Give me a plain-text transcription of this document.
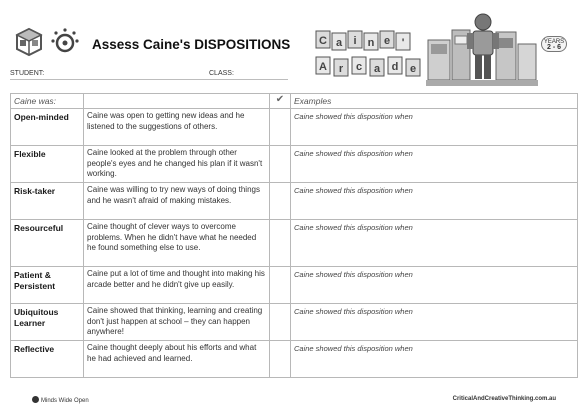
Assess Caine's DISPOSITIONS
STUDENT:	CLASS:
C a i n e '
A r c a d e
YEARS
2 - 6
Caine was:		✔	Examples
Open-minded	Caine was open to getting new ideas and he listened to the suggestions of others.		Caine showed this disposition when
Flexible	Caine looked at the problem through other people's eyes and he changed his plan if it wasn't working.		Caine showed this disposition when
Risk-taker	Caine was willing to try new ways of doing things and he wasn't afraid of making mistakes.		Caine showed this disposition when
Resourceful	Caine thought of clever ways to overcome problems. When he didn't have what he needed he found something else to use.		Caine showed this disposition when
Patient & Persistent	Caine put a lot of time and thought into making his arcade better and he didn't give up easily.		Caine showed this disposition when
Ubiquitous Learner	Caine showed that thinking, learning and creating don't just happen at school – they can happen anywhere!		Caine showed this disposition when
Reflective	Caine thought deeply about his efforts and what he had achieved and learned.		Caine showed this disposition when
Minds Wide Open	CriticalAndCreativeThinking.com.au
